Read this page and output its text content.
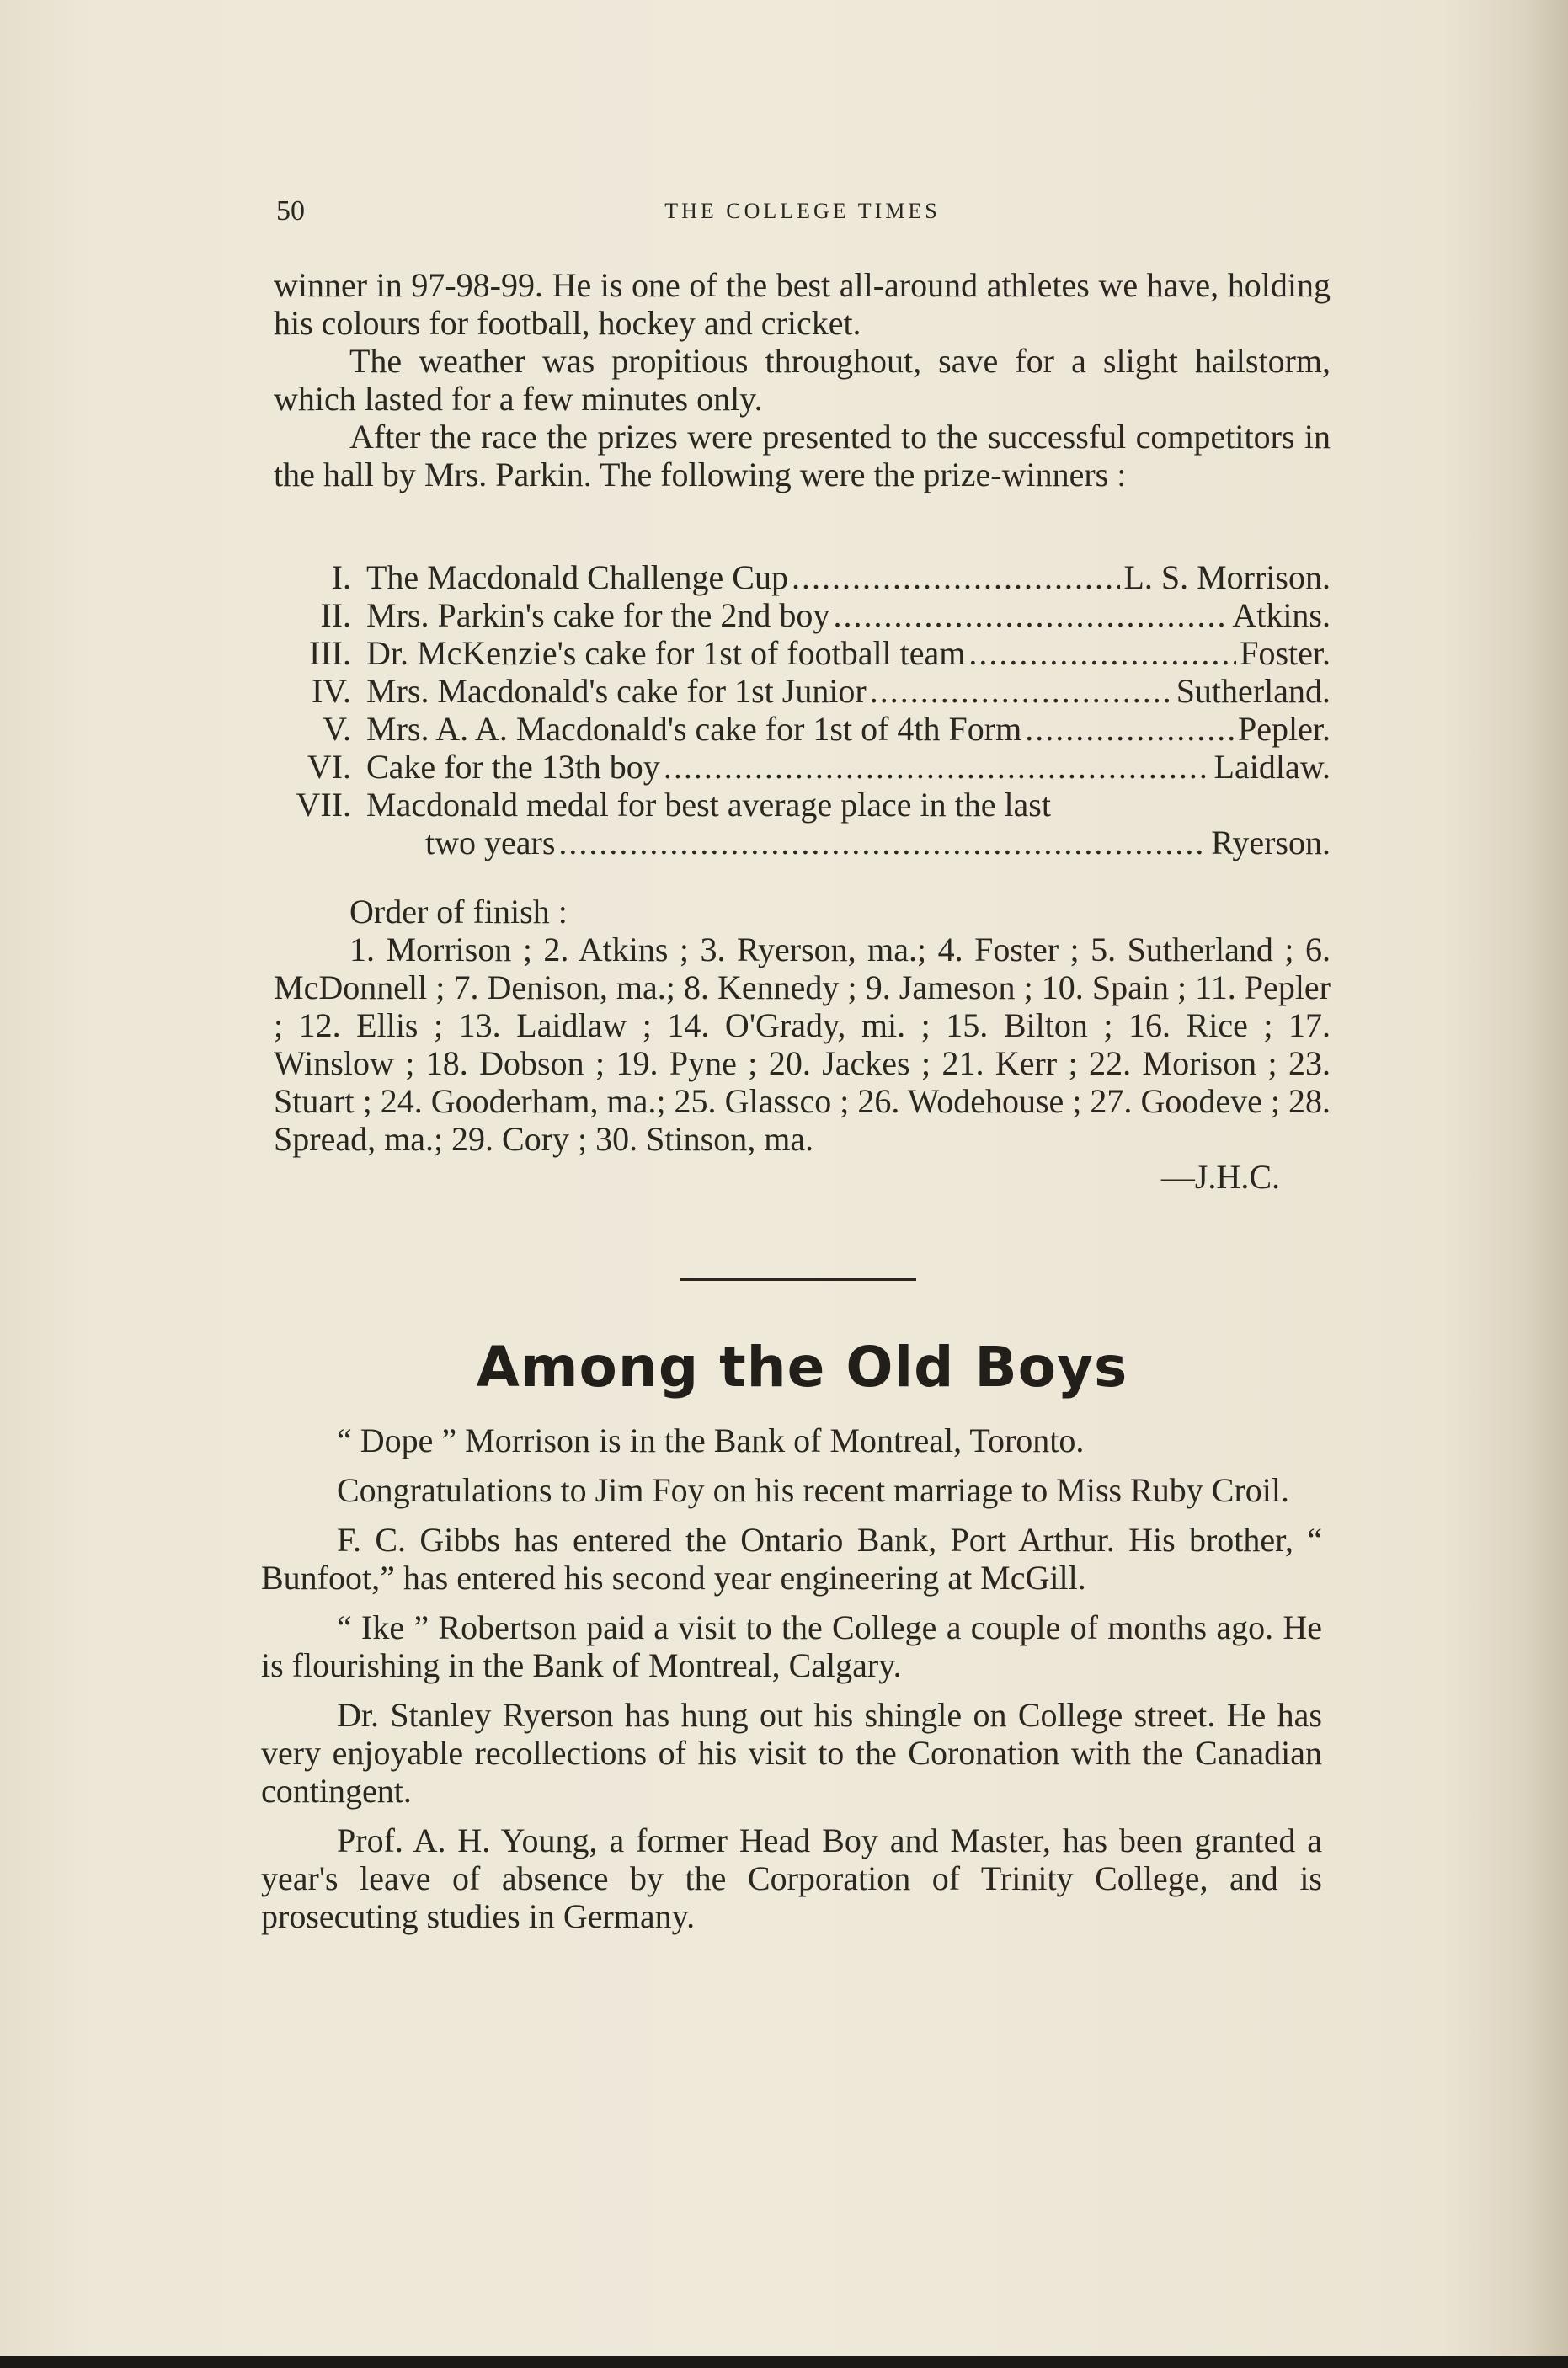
50	THE COLLEGE TIMES

winner in 97-98-99. He is one of the best all-around athletes we have, holding his colours for football, hockey and cricket.

The weather was propitious throughout, save for a slight hailstorm, which lasted for a few minutes only.

After the race the prizes were presented to the successful competitors in the hall by Mrs. Parkin. The following were the prize-winners :

I. The Macdonald Challenge Cup .....	L. S. Morrison.
II. Mrs. Parkin's cake for the 2nd boy .....	Atkins.
III. Dr. McKenzie's cake for 1st of football team .....	Foster.
IV. Mrs. Macdonald's cake for 1st Junior .....	Sutherland.
V. Mrs. A. A. Macdonald's cake for 1st of 4th Form .....	Pepler.
VI. Cake for the 13th boy .....	Laidlaw.
VII. Macdonald medal for best average place in the last
two years .....	Ryerson.

Order of finish :

1. Morrison ; 2. Atkins ; 3. Ryerson, ma.; 4. Foster ; 5. Sutherland ; 6. McDonnell ; 7. Denison, ma.; 8. Kennedy ; 9. Jameson ; 10. Spain ; 11. Pepler ; 12. Ellis ; 13. Laidlaw ; 14. O'Grady, mi. ; 15. Bilton ; 16. Rice ; 17. Winslow ; 18. Dobson ; 19. Pyne ; 20. Jackes ; 21. Kerr ; 22. Morison ; 23. Stuart ; 24. Gooderham, ma.; 25. Glassco ; 26. Wodehouse ; 27. Goodeve ; 28. Spread, ma.; 29. Cory ; 30. Stinson, ma.

—J.H.C.

Among the Old Boys

“ Dope ” Morrison is in the Bank of Montreal, Toronto.

Congratulations to Jim Foy on his recent marriage to Miss Ruby Croil.

F. C. Gibbs has entered the Ontario Bank, Port Arthur. His brother, “ Bunfoot,” has entered his second year engineering at McGill.

“ Ike ” Robertson paid a visit to the College a couple of months ago. He is flourishing in the Bank of Montreal, Calgary.

Dr. Stanley Ryerson has hung out his shingle on College street. He has very enjoyable recollections of his visit to the Coronation with the Canadian contingent.

Prof. A. H. Young, a former Head Boy and Master, has been granted a year's leave of absence by the Corporation of Trinity College, and is prosecuting studies in Germany.
